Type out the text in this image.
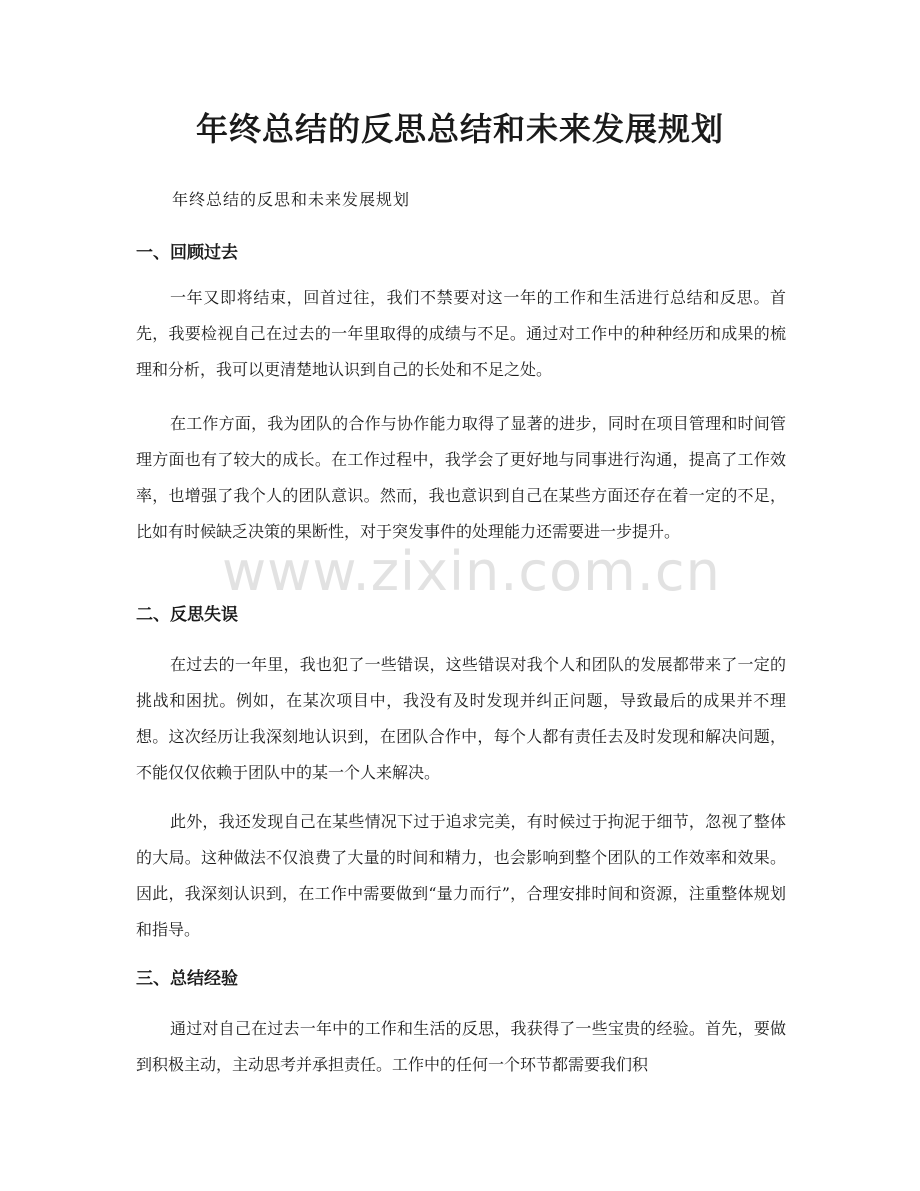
年终总结的反思总结和未来发展规划

年终总结的反思和未来发展规划

一、回顾过去

一年又即将结束，回首过往，我们不禁要对这一年的工作和生活进行总结和反思。首先，我要检视自己在过去的一年里取得的成绩与不足。通过对工作中的种种经历和成果的梳理和分析，我可以更清楚地认识到自己的长处和不足之处。

在工作方面，我为团队的合作与协作能力取得了显著的进步，同时在项目管理和时间管理方面也有了较大的成长。在工作过程中，我学会了更好地与同事进行沟通，提高了工作效率，也增强了我个人的团队意识。然而，我也意识到自己在某些方面还存在着一定的不足，比如有时候缺乏决策的果断性，对于突发事件的处理能力还需要进一步提升。

二、反思失误

在过去的一年里，我也犯了一些错误，这些错误对我个人和团队的发展都带来了一定的挑战和困扰。例如，在某次项目中，我没有及时发现并纠正问题，导致最后的成果并不理想。这次经历让我深刻地认识到，在团队合作中，每个人都有责任去及时发现和解决问题，不能仅仅依赖于团队中的某一个人来解决。

此外，我还发现自己在某些情况下过于追求完美，有时候过于拘泥于细节，忽视了整体的大局。这种做法不仅浪费了大量的时间和精力，也会影响到整个团队的工作效率和效果。因此，我深刻认识到，在工作中需要做到“量力而行”，合理安排时间和资源，注重整体规划和指导。

三、总结经验

通过对自己在过去一年中的工作和生活的反思，我获得了一些宝贵的经验。首先，要做到积极主动，主动思考并承担责任。工作中的任何一个环节都需要我们积

www.zixin.com.cn
